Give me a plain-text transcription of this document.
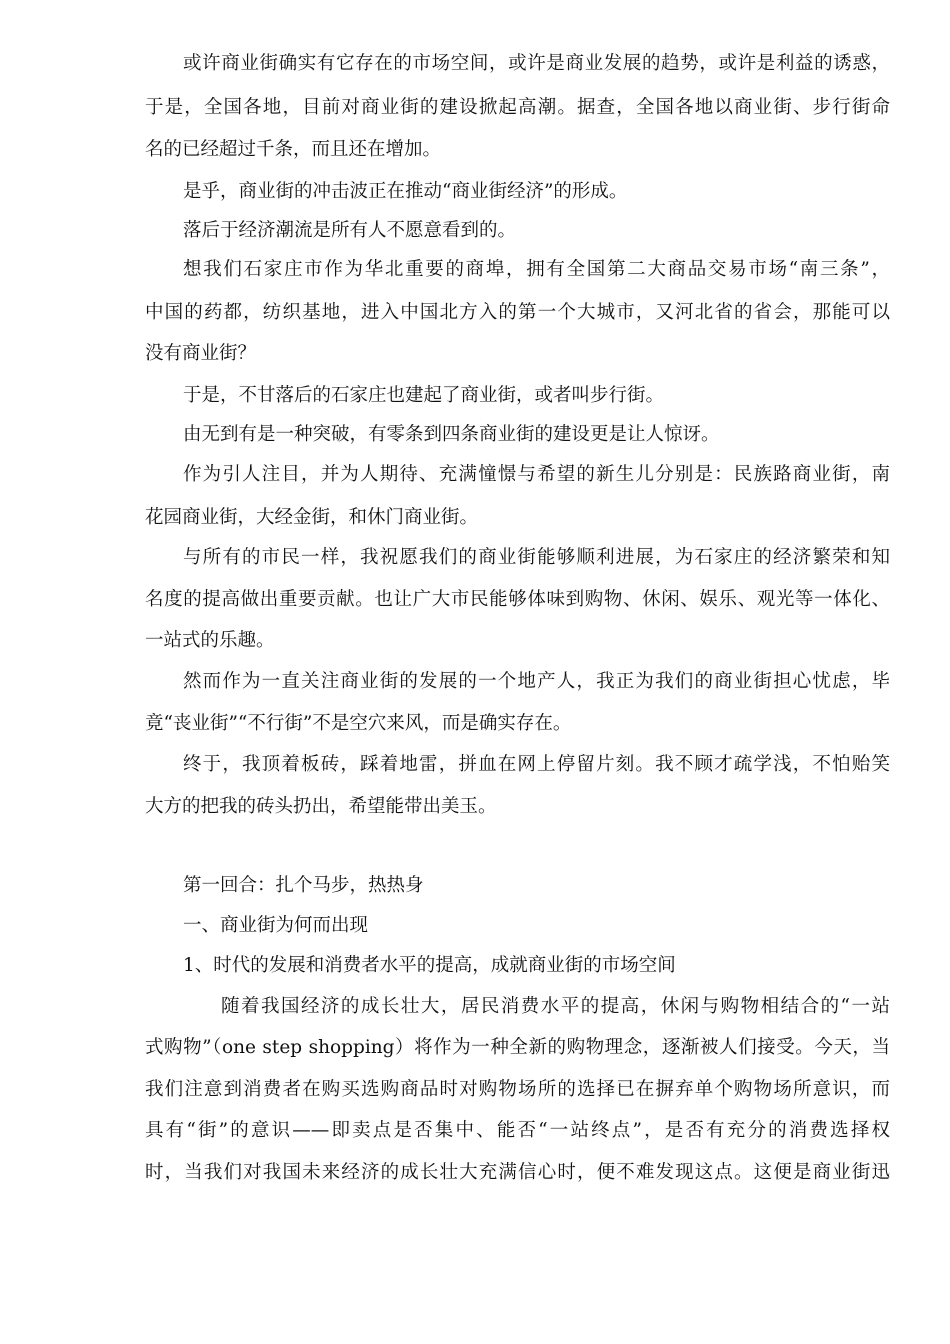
或许商业街确实有它存在的市场空间，或许是商业发展的趋势，或许是利益的诱惑，
于是，全国各地，目前对商业街的建设掀起高潮。据查，全国各地以商业街、步行街命
名的已经超过千条，而且还在增加。
是乎，商业街的冲击波正在推动“商业街经济”的形成。
落后于经济潮流是所有人不愿意看到的。
想我们石家庄市作为华北重要的商埠，拥有全国第二大商品交易市场“南三条”，
中国的药都，纺织基地，进入中国北方入的第一个大城市，又河北省的省会，那能可以
没有商业街？
于是，不甘落后的石家庄也建起了商业街，或者叫步行街。
由无到有是一种突破，有零条到四条商业街的建设更是让人惊讶。
作为引人注目，并为人期待、充满憧憬与希望的新生儿分别是：民族路商业街，南
花园商业街，大经金街，和休门商业街。
与所有的市民一样，我祝愿我们的商业街能够顺利进展，为石家庄的经济繁荣和知
名度的提高做出重要贡献。也让广大市民能够体味到购物、休闲、娱乐、观光等一体化、
一站式的乐趣。
然而作为一直关注商业街的发展的一个地产人，我正为我们的商业街担心忧虑，毕
竟“丧业街”“不行街”不是空穴来风，而是确实存在。
终于，我顶着板砖，踩着地雷，拼血在网上停留片刻。我不顾才疏学浅，不怕贻笑
大方的把我的砖头扔出，希望能带出美玉。
第一回合：扎个马步，热热身
一、商业街为何而出现
1、时代的发展和消费者水平的提高，成就商业街的市场空间
随着我国经济的成长壮大，居民消费水平的提高，休闲与购物相结合的“一站
式购物”（one step shopping）将作为一种全新的购物理念，逐渐被人们接受。今天，当
我们注意到消费者在购买选购商品时对购物场所的选择已在摒弃单个购物场所意识，而
具有“街”的意识——即卖点是否集中、能否“一站终点”，是否有充分的消费选择权
时，当我们对我国未来经济的成长壮大充满信心时，便不难发现这点。这便是商业街迅
